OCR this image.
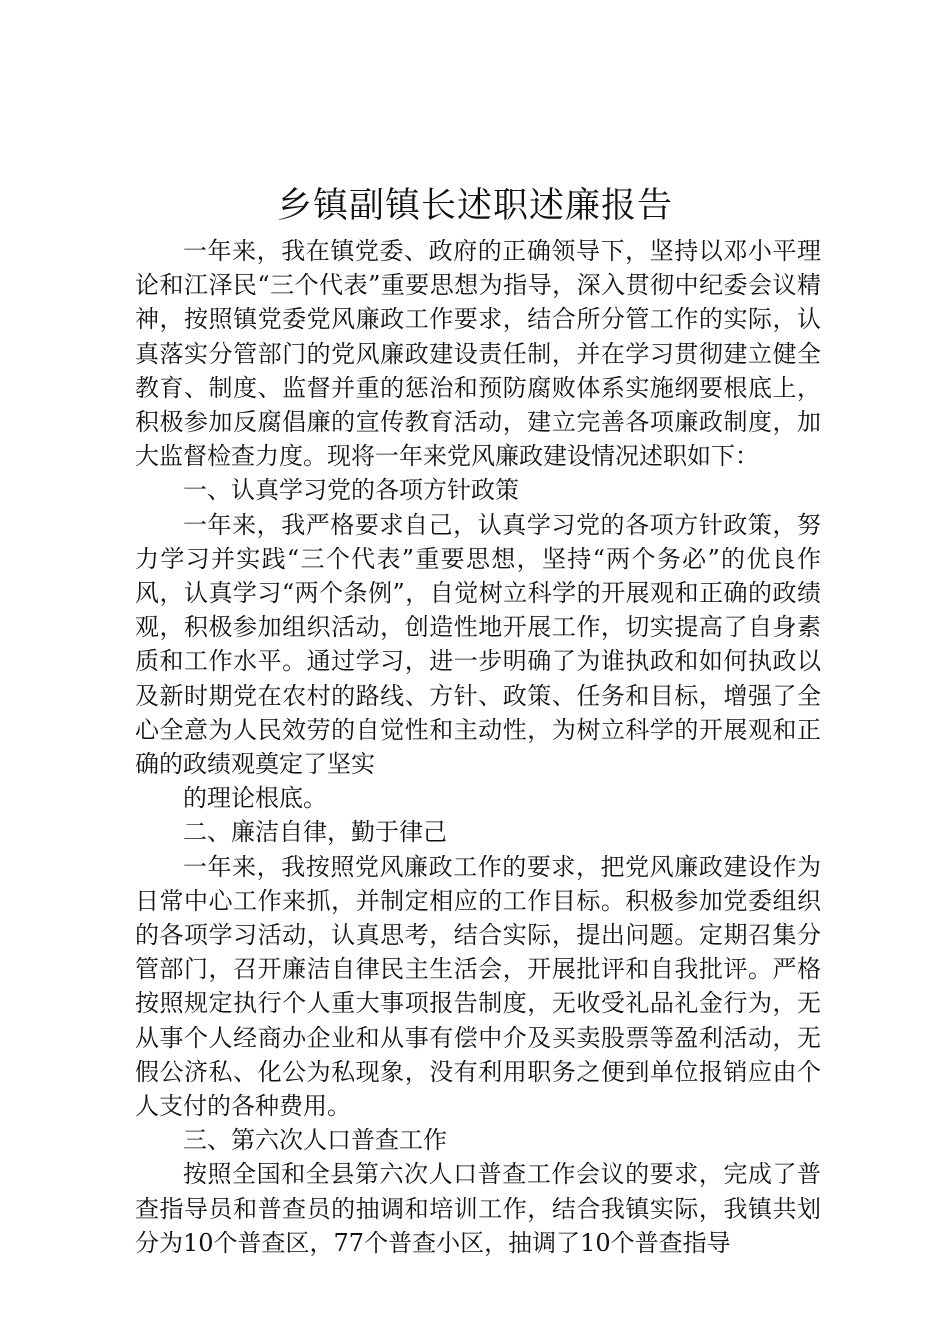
乡镇副镇长述职述廉报告

一年来，我在镇党委、政府的正确领导下，坚持以邓小平理论和江泽民“三个代表”重要思想为指导，深入贯彻中纪委会议精神，按照镇党委党风廉政工作要求，结合所分管工作的实际，认真落实分管部门的党风廉政建设责任制，并在学习贯彻建立健全教育、制度、监督并重的惩治和预防腐败体系实施纲要根底上，积极参加反腐倡廉的宣传教育活动，建立完善各项廉政制度，加大监督检查力度。现将一年来党风廉政建设情况述职如下：

一、认真学习党的各项方针政策

一年来，我严格要求自己，认真学习党的各项方针政策，努力学习并实践“三个代表”重要思想，坚持“两个务必”的优良作风，认真学习“两个条例”，自觉树立科学的开展观和正确的政绩观，积极参加组织活动，创造性地开展工作，切实提高了自身素质和工作水平。通过学习，进一步明确了为谁执政和如何执政以及新时期党在农村的路线、方针、政策、任务和目标，增强了全心全意为人民效劳的自觉性和主动性，为树立科学的开展观和正确的政绩观奠定了坚实

的理论根底。

二、廉洁自律，勤于律己

一年来，我按照党风廉政工作的要求，把党风廉政建设作为日常中心工作来抓，并制定相应的工作目标。积极参加党委组织的各项学习活动，认真思考，结合实际，提出问题。定期召集分管部门，召开廉洁自律民主生活会，开展批评和自我批评。严格按照规定执行个人重大事项报告制度，无收受礼品礼金行为，无从事个人经商办企业和从事有偿中介及买卖股票等盈利活动，无假公济私、化公为私现象，没有利用职务之便到单位报销应由个人支付的各种费用。

三、第六次人口普查工作

按照全国和全县第六次人口普查工作会议的要求，完成了普查指导员和普查员的抽调和培训工作，结合我镇实际，我镇共划分为10个普查区，77个普查小区，抽调了10个普查指导
